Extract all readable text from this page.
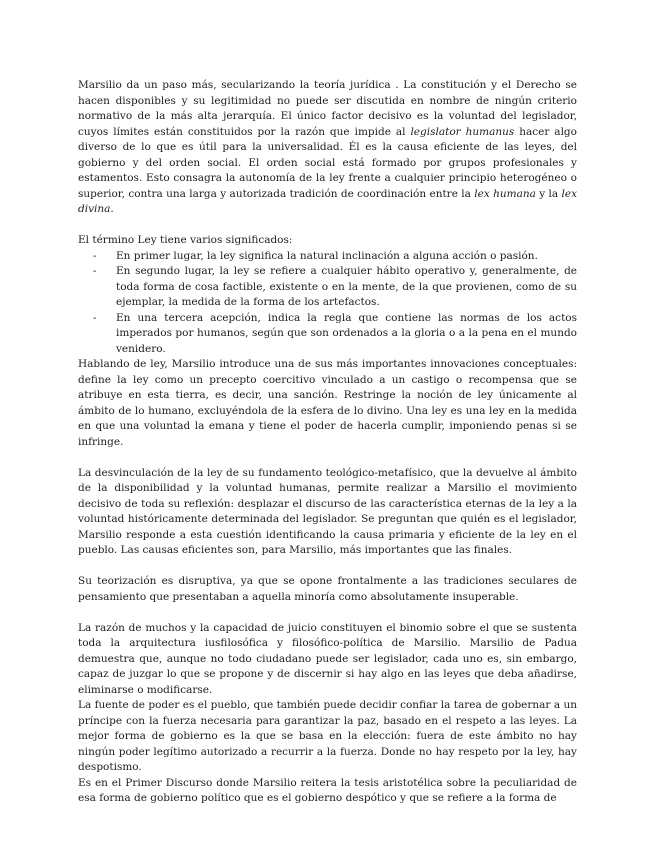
Marsilio da un paso más, secularizando la teoría jurídica . La constitución y el Derecho se hacen disponibles y su legitimidad no puede ser discutida en nombre de ningún criterio normativo de la más alta jerarquía. El único factor decisivo es la voluntad del legislador, cuyos límites están constituidos por la razón que impide al legislator humanus hacer algo diverso de lo que es útil para la universalidad. Él es la causa eficiente de las leyes, del gobierno y del orden social. El orden social está formado por grupos profesionales y estamentos. Esto consagra la autonomía de la ley frente a cualquier principio heterogéneo o superior, contra una larga y autorizada tradición de coordinación entre la lex humana y la lex divina.

El término Ley tiene varios significados:

- En primer lugar, la ley significa la natural inclinación a alguna acción o pasión.
- En segundo lugar, la ley se refiere a cualquier hábito operativo y, generalmente, de toda forma de cosa factible, existente o en la mente, de la que provienen, como de su ejemplar, la medida de la forma de los artefactos.
- En una tercera acepción, indica la regla que contiene las normas de los actos imperados por humanos, según que son ordenados a la gloria o a la pena en el mundo venidero.

Hablando de ley, Marsilio introduce una de sus más importantes innovaciones conceptuales: define la ley como un precepto coercitivo vinculado a un castigo o recompensa que se atribuye en esta tierra, es decir, una sanción. Restringe la noción de ley únicamente al ámbito de lo humano, excluyéndola de la esfera de lo divino. Una ley es una ley en la medida en que una voluntad la emana y tiene el poder de hacerla cumplir, imponiendo penas si se infringe.

La desvinculación de la ley de su fundamento teológico-metafísico, que la devuelve al ámbito de la disponibilidad y la voluntad humanas, permite realizar a Marsilio el movimiento decisivo de toda su reflexión: desplazar el discurso de las característica eternas de la ley a la voluntad históricamente determinada del legislador. Se preguntan que quién es el legislador, Marsilio responde a esta cuestión identificando la causa primaria y eficiente de la ley en el pueblo. Las causas eficientes son, para Marsilio, más importantes que las finales.

Su teorización es disruptiva, ya que se opone frontalmente a las tradiciones seculares de pensamiento que presentaban a aquella minoría como absolutamente insuperable.

La razón de muchos y la capacidad de juicio constituyen el binomio sobre el que se sustenta toda la arquitectura iusfilosófica y filosófico-política de Marsilio. Marsilio de Padua demuestra que, aunque no todo ciudadano puede ser legislador, cada uno es, sin embargo, capaz de juzgar lo que se propone y de discernir si hay algo en las leyes que deba añadirse, eliminarse o modificarse.

La fuente de poder es el pueblo, que también puede decidir confiar la tarea de gobernar a un príncipe con la fuerza necesaria para garantizar la paz, basado en el respeto a las leyes. La mejor forma de gobierno es la que se basa en la elección: fuera de este ámbito no hay ningún poder legítimo autorizado a recurrir a la fuerza. Donde no hay respeto por la ley, hay despotismo.

Es en el Primer Discurso donde Marsilio reitera la tesis aristotélica sobre la peculiaridad de esa forma de gobierno político que es el gobierno despótico y que se refiere a la forma de
